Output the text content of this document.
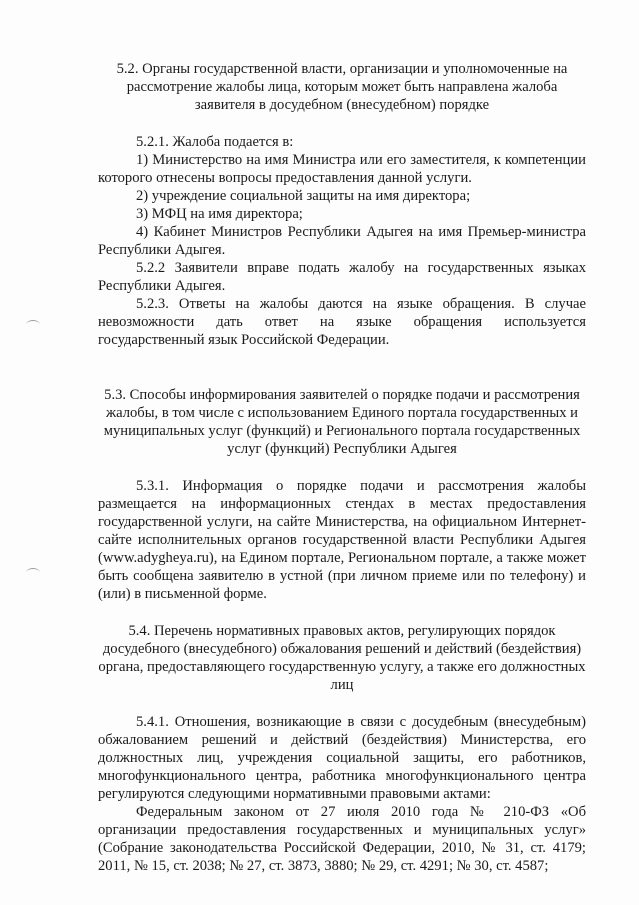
5.2. Органы государственной власти, организации и уполномоченные на рассмотрение жалобы лица, которым может быть направлена жалоба заявителя в досудебном (внесудебном) порядке

5.2.1. Жалоба подается в:

1) Министерство на имя Министра или его заместителя, к компетенции которого отнесены вопросы предоставления данной услуги.

2) учреждение социальной защиты на имя директора;

3) МФЦ на имя директора;

4) Кабинет Министров Республики Адыгея на имя Премьер-министра Республики Адыгея.

5.2.2 Заявители вправе подать жалобу на государственных языках Республики Адыгея.

5.2.3. Ответы на жалобы даются на языке обращения. В случае невозможности дать ответ на языке обращения используется государственный язык Российской Федерации.

5.3. Способы информирования заявителей о порядке подачи и рассмотрения жалобы, в том числе с использованием Единого портала государственных и муниципальных услуг (функций) и Регионального портала государственных услуг (функций) Республики Адыгея

5.3.1. Информация о порядке подачи и рассмотрения жалобы размещается на информационных стендах в местах предоставления государственной услуги, на сайте Министерства, на официальном Интернет-сайте исполнительных органов государственной власти Республики Адыгея (www.adygheya.ru), на Едином портале, Региональном портале, а также может быть сообщена заявителю в устной (при личном приеме или по телефону) и (или) в письменной форме.

5.4. Перечень нормативных правовых актов, регулирующих порядок досудебного (внесудебного) обжалования решений и действий (бездействия) органа, предоставляющего государственную услугу, а также его должностных лиц

5.4.1. Отношения, возникающие в связи с досудебным (внесудебным) обжалованием решений и действий (бездействия) Министерства, его должностных лиц, учреждения социальной защиты, его работников, многофункционального центра, работника многофункционального центра регулируются следующими нормативными правовыми актами:

Федеральным законом от 27 июля 2010 года № 210-ФЗ «Об организации предоставления государственных и муниципальных услуг» (Собрание законодательства Российской Федерации, 2010, № 31, ст. 4179; 2011, № 15, ст. 2038; № 27, ст. 3873, 3880; № 29, ст. 4291; № 30, ст. 4587;
